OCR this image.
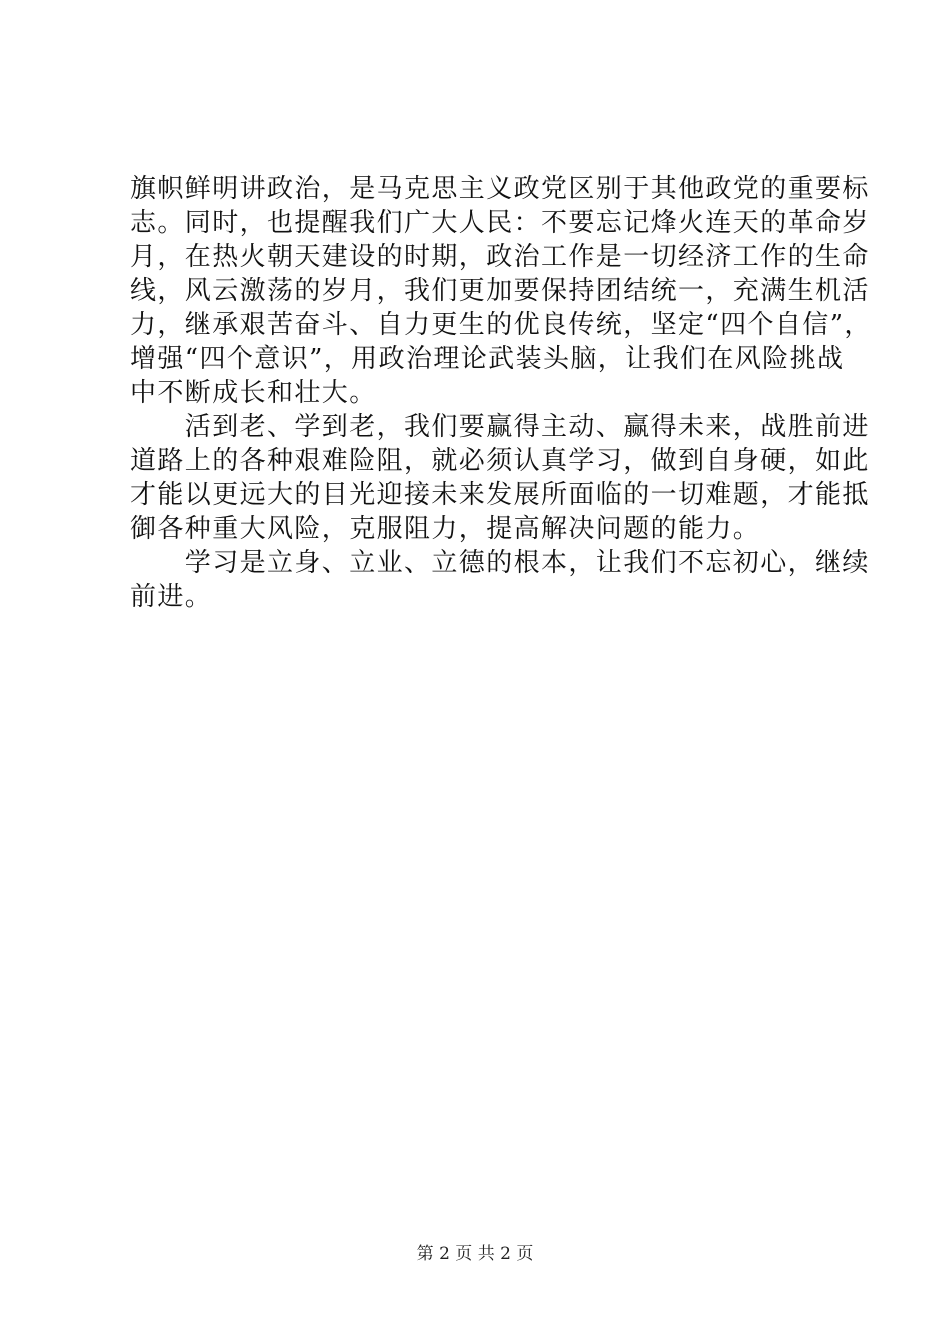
旗帜鲜明讲政治，是马克思主义政党区别于其他政党的重要标
志。同时，也提醒我们广大人民：不要忘记烽火连天的革命岁
月，在热火朝天建设的时期，政治工作是一切经济工作的生命
线，风云激荡的岁月，我们更加要保持团结统一，充满生机活
力，继承艰苦奋斗、自力更生的优良传统，坚定“四个自信”，
增强“四个意识”，用政治理论武装头脑，让我们在风险挑战
中不断成长和壮大。
　　活到老、学到老，我们要赢得主动、赢得未来，战胜前进
道路上的各种艰难险阻，就必须认真学习，做到自身硬，如此
才能以更远大的目光迎接未来发展所面临的一切难题，才能抵
御各种重大风险，克服阻力，提高解决问题的能力。
　　学习是立身、立业、立德的根本，让我们不忘初心，继续
前进。
第 2 页 共 2 页
